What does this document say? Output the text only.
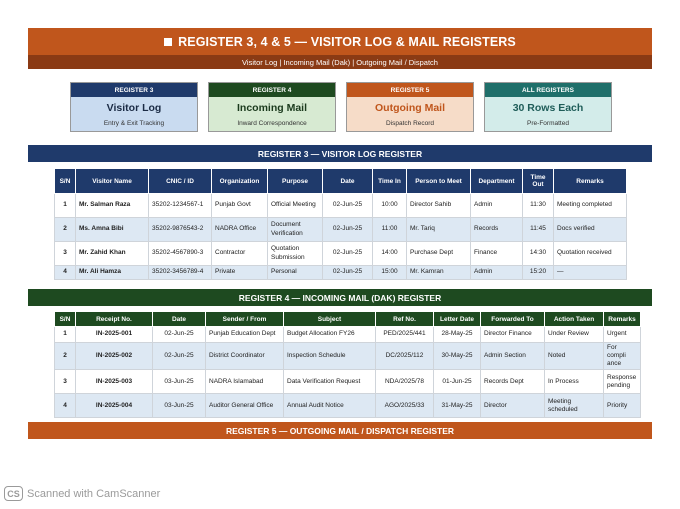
REGISTER 3, 4 & 5 — VISITOR LOG & MAIL REGISTERS
Visitor Log | Incoming Mail (Dak) | Outgoing Mail / Dispatch
REGISTER 3
Visitor Log
Entry & Exit Tracking
REGISTER 4
Incoming Mail
Inward Correspondence
REGISTER 5
Outgoing Mail
Dispatch Record
ALL REGISTERS
30 Rows Each
Pre-Formatted
REGISTER 3 — VISITOR LOG REGISTER
S/N	Visitor Name	CNIC / ID	Organization	Purpose	Date	Time In	Person to Meet	Department	Time Out	Remarks
1	Mr. Salman Raza	35202-1234567-1	Punjab Govt	Official Meeting	02-Jun-25	10:00	Director Sahib	Admin	11:30	Meeting completed
2	Ms. Amna Bibi	35202-9876543-2	NADRA Office	Document Verification	02-Jun-25	11:00	Mr. Tariq	Records	11:45	Docs verified
3	Mr. Zahid Khan	35202-4567890-3	Contractor	Quotation Submission	02-Jun-25	14:00	Purchase Dept	Finance	14:30	Quotation received
4	Mr. Ali Hamza	35202-3456789-4	Private	Personal	02-Jun-25	15:00	Mr. Kamran	Admin	15:20	—
REGISTER 4 — INCOMING MAIL (DAK) REGISTER
S/N	Receipt No.	Date	Sender / From	Subject	Ref No.	Letter Date	Forwarded To	Action Taken	Remarks
1	IN-2025-001	02-Jun-25	Punjab Education Dept	Budget Allocation FY26	PED/2025/441	28-May-25	Director Finance	Under Review	Urgent
2	IN-2025-002	02-Jun-25	District Coordinator	Inspection Schedule	DC/2025/112	30-May-25	Admin Section	Noted	For compli ance
3	IN-2025-003	03-Jun-25	NADRA Islamabad	Data Verification Request	NDA/2025/78	01-Jun-25	Records Dept	In Process	Response pending
4	IN-2025-004	03-Jun-25	Auditor General Office	Annual Audit Notice	AGO/2025/33	31-May-25	Director	Meeting scheduled	Priority
REGISTER 5 — OUTGOING MAIL / DISPATCH REGISTER
CS Scanned with CamScanner
